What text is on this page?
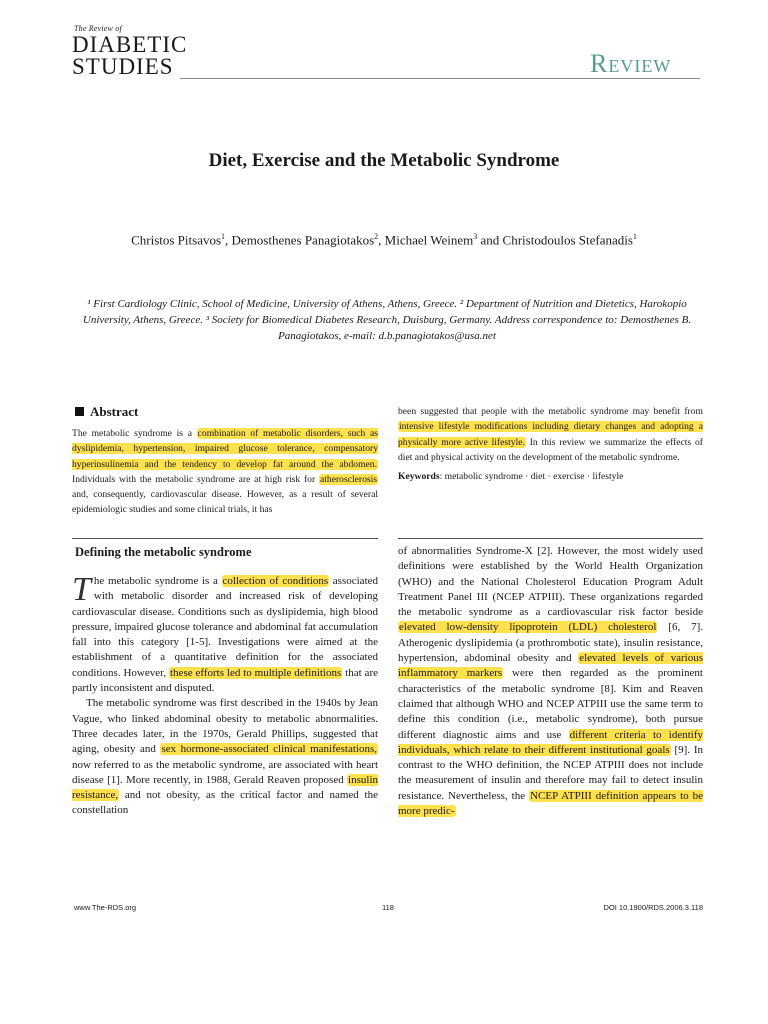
The Review of
DIABETIC
STUDIES	Review
Diet, Exercise and the Metabolic Syndrome
Christos Pitsavos$^1$, Demosthenes Panagiotakos$^2$, Michael Weinem$^3$ and Christodoulos Stefanadis$^1$
¹ First Cardiology Clinic, School of Medicine, University of Athens, Athens, Greece. ² Department of Nutrition and Dietetics, Harokopio University, Athens, Greece. ³ Society for Biomedical Diabetes Research, Duisburg, Germany. Address correspondence to: Demosthenes B. Panagiotakos, e-mail: d.b.panagiotakos@usa.net
Abstract
The metabolic syndrome is a combination of metabolic disorders, such as dyslipidemia, hypertension, impaired glucose tolerance, compensatory hyperinsulinemia and the tendency to develop fat around the abdomen. Individuals with the metabolic syndrome are at high risk for atherosclerosis and, consequently, cardiovascular disease. However, as a result of several epidemiologic studies and some clinical trials, it has
been suggested that people with the metabolic syndrome may benefit from intensive lifestyle modifications including dietary changes and adopting a physically more active lifestyle. In this review we summarize the effects of diet and physical activity on the development of the metabolic syndrome.
Keywords: metabolic syndrome · diet · exercise · lifestyle
Defining the metabolic syndrome
The metabolic syndrome is a collection of conditions associated with metabolic disorder and increased risk of developing cardiovascular disease. Conditions such as dyslipidemia, high blood pressure, impaired glucose tolerance and abdominal fat accumulation fall into this category [1-5]. Investigations were aimed at the establishment of a quantitative definition for the associated conditions. However, these efforts led to multiple definitions that are partly inconsistent and disputed.
The metabolic syndrome was first described in the 1940s by Jean Vague, who linked abdominal obesity to metabolic abnormalities. Three decades later, in the 1970s, Gerald Phillips, suggested that aging, obesity and sex hormone-associated clinical manifestations, now referred to as the metabolic syndrome, are associated with heart disease [1]. More recently, in 1988, Gerald Reaven proposed insulin resistance, and not obesity, as the critical factor and named the constellation
of abnormalities Syndrome-X [2]. However, the most widely used definitions were established by the World Health Organization (WHO) and the National Cholesterol Education Program Adult Treatment Panel III (NCEP ATPIII). These organizations regarded the metabolic syndrome as a cardiovascular risk factor beside elevated low-density lipoprotein (LDL) cholesterol [6, 7]. Atherogenic dyslipidemia (a prothrombotic state), insulin resistance, hypertension, abdominal obesity and elevated levels of various inflammatory markers were then regarded as the prominent characteristics of the metabolic syndrome [8]. Kim and Reaven claimed that although WHO and NCEP ATPIII use the same term to define this condition (i.e., metabolic syndrome), both pursue different diagnostic aims and use different criteria to identify individuals, which relate to their different institutional goals [9]. In contrast to the WHO definition, the NCEP ATPIII does not include the measurement of insulin and therefore may fail to detect insulin resistance. Nevertheless, the NCEP ATPIII definition appears to be more predic-
www.The-RDS.org	118	DOI 10.1900/RDS.2006.3.118
